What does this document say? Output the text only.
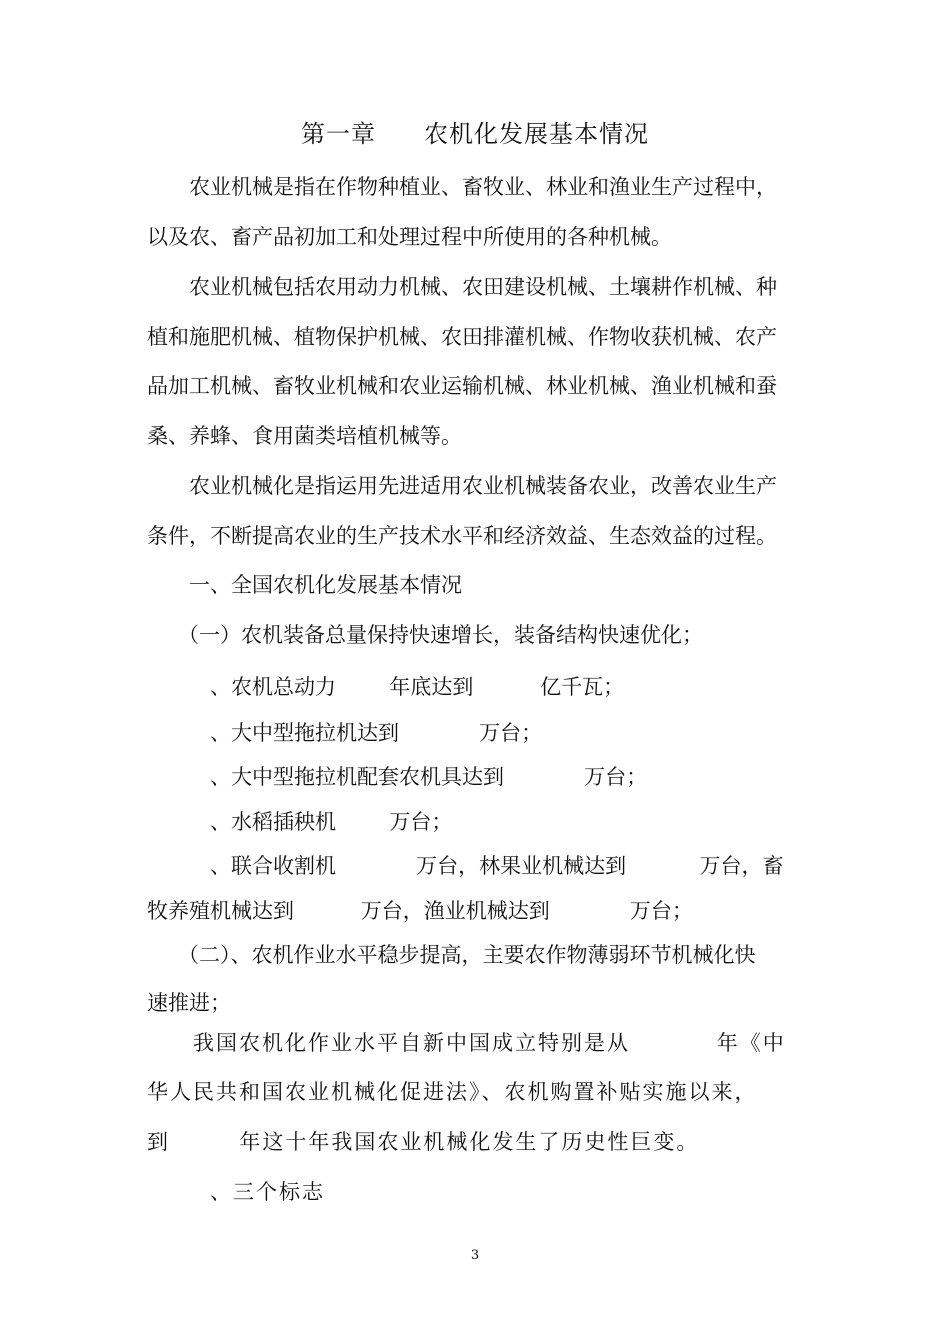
第一章 农机化发展基本情况
农业机械是指在作物种植业、畜牧业、林业和渔业生产过程中，
以及农、畜产品初加工和处理过程中所使用的各种机械。
农业机械包括农用动力机械、农田建设机械、土壤耕作机械、种
植和施肥机械、植物保护机械、农田排灌机械、作物收获机械、农产
品加工机械、畜牧业机械和农业运输机械、林业机械、渔业机械和蚕
桑、养蜂、食用菌类培植机械等。
农业机械化是指运用先进适用农业机械装备农业，改善农业生产
条件，不断提高农业的生产技术水平和经济效益、生态效益的过程。
一、全国农机化发展基本情况
（一）农机装备总量保持快速增长，装备结构快速优化；
、农机总动力        年底达到          亿千瓦；
、大中型拖拉机达到            万台；
、大中型拖拉机配套农机具达到            万台；
、水稻插秧机        万台；
、联合收割机            万台，林果业机械达到           万台，畜
牧养殖机械达到          万台，渔业机械达到            万台；
（二）、农机作业水平稳步提高，主要农作物薄弱环节机械化快
速推进；
我国农机化作业水平自新中国成立特别是从          年《中
华人民共和国农业机械化促进法》、农机购置补贴实施以来，
到        年这十年我国农业机械化发生了历史性巨变。
、三个标志
3
